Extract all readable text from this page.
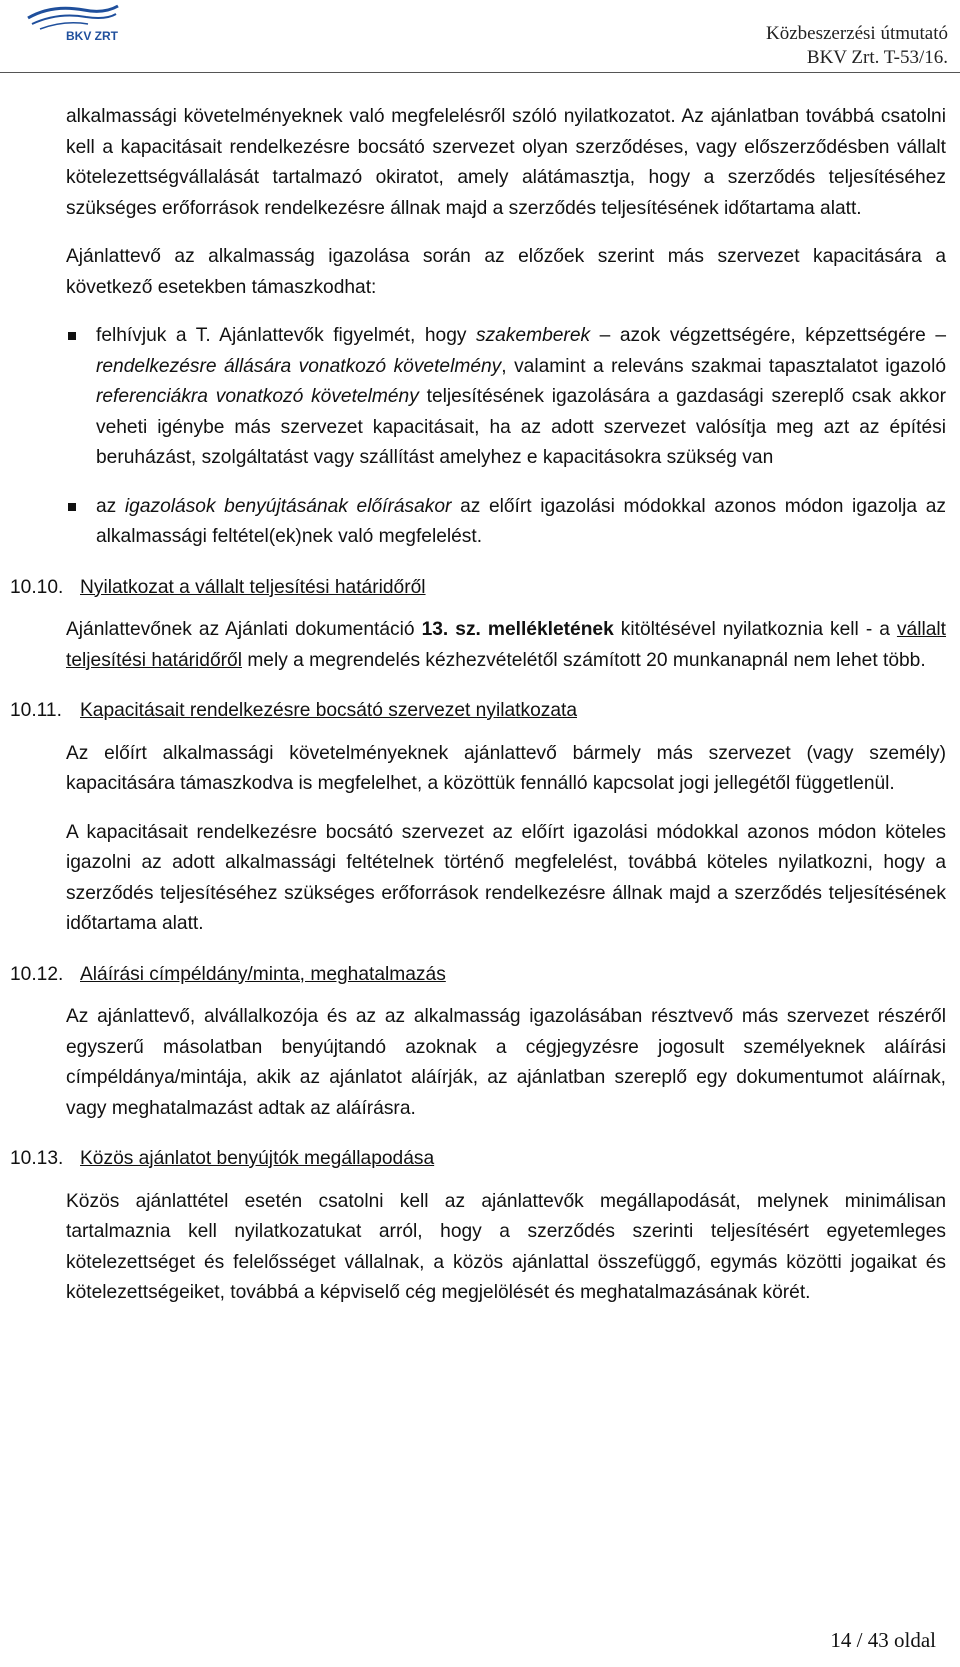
BKV ZRT	Közbeszerzési útmutató
BKV Zrt. T-53/16.

alkalmassági követelményeknek való megfelelésről szóló nyilatkozatot. Az ajánlatban továbbá csatolni kell a kapacitásait rendelkezésre bocsátó szervezet olyan szerződéses, vagy előszerződésben vállalt kötelezettségvállalását tartalmazó okiratot, amely alátámasztja, hogy a szerződés teljesítéséhez szükséges erőforrások rendelkezésre állnak majd a szerződés teljesítésének időtartama alatt.

Ajánlattevő az alkalmasság igazolása során az előzőek szerint más szervezet kapacitására a következő esetekben támaszkodhat:

felhívjuk a T. Ajánlattevők figyelmét, hogy szakemberek – azok végzettségére, képzettségére – rendelkezésre állására vonatkozó követelmény, valamint a releváns szakmai tapasztalatot igazoló referenciákra vonatkozó követelmény teljesítésének igazolására a gazdasági szereplő csak akkor veheti igénybe más szervezet kapacitásait, ha az adott szervezet valósítja meg azt az építési beruházást, szolgáltatást vagy szállítást amelyhez e kapacitásokra szükség van
az igazolások benyújtásának előírásakor az előírt igazolási módokkal azonos módon igazolja az alkalmassági feltétel(ek)nek való megfelelést.
10.10. Nyilatkozat a vállalt teljesítési határidőről

Ajánlattevőnek az Ajánlati dokumentáció 13. sz. mellékletének kitöltésével nyilatkoznia kell - a vállalt teljesítési határidőről mely a megrendelés kézhezvételétől számított 20 munkanapnál nem lehet több.

10.11. Kapacitásait rendelkezésre bocsátó szervezet nyilatkozata

Az előírt alkalmassági követelményeknek ajánlattevő bármely más szervezet (vagy személy) kapacitására támaszkodva is megfelelhet, a közöttük fennálló kapcsolat jogi jellegétől függetlenül.

A kapacitásait rendelkezésre bocsátó szervezet az előírt igazolási módokkal azonos módon köteles igazolni az adott alkalmassági feltételnek történő megfelelést, továbbá köteles nyilatkozni, hogy a szerződés teljesítéséhez szükséges erőforrások rendelkezésre állnak majd a szerződés teljesítésének időtartama alatt.

10.12. Aláírási címpéldány/minta, meghatalmazás

Az ajánlattevő, alvállalkozója és az az alkalmasság igazolásában résztvevő más szervezet részéről egyszerű másolatban benyújtandó azoknak a cégjegyzésre jogosult személyeknek aláírási címpéldánya/mintája, akik az ajánlatot aláírják, az ajánlatban szereplő egy dokumentumot aláírnak, vagy meghatalmazást adtak az aláírásra.

10.13. Közös ajánlatot benyújtók megállapodása

Közös ajánlattétel esetén csatolni kell az ajánlattevők megállapodását, melynek minimálisan tartalmaznia kell nyilatkozatukat arról, hogy a szerződés szerinti teljesítésért egyetemleges kötelezettséget és felelősséget vállalnak, a közös ajánlattal összefüggő, egymás közötti jogaikat és kötelezettségeiket, továbbá a képviselő cég megjelölését és meghatalmazásának körét.

14 / 43 oldal
